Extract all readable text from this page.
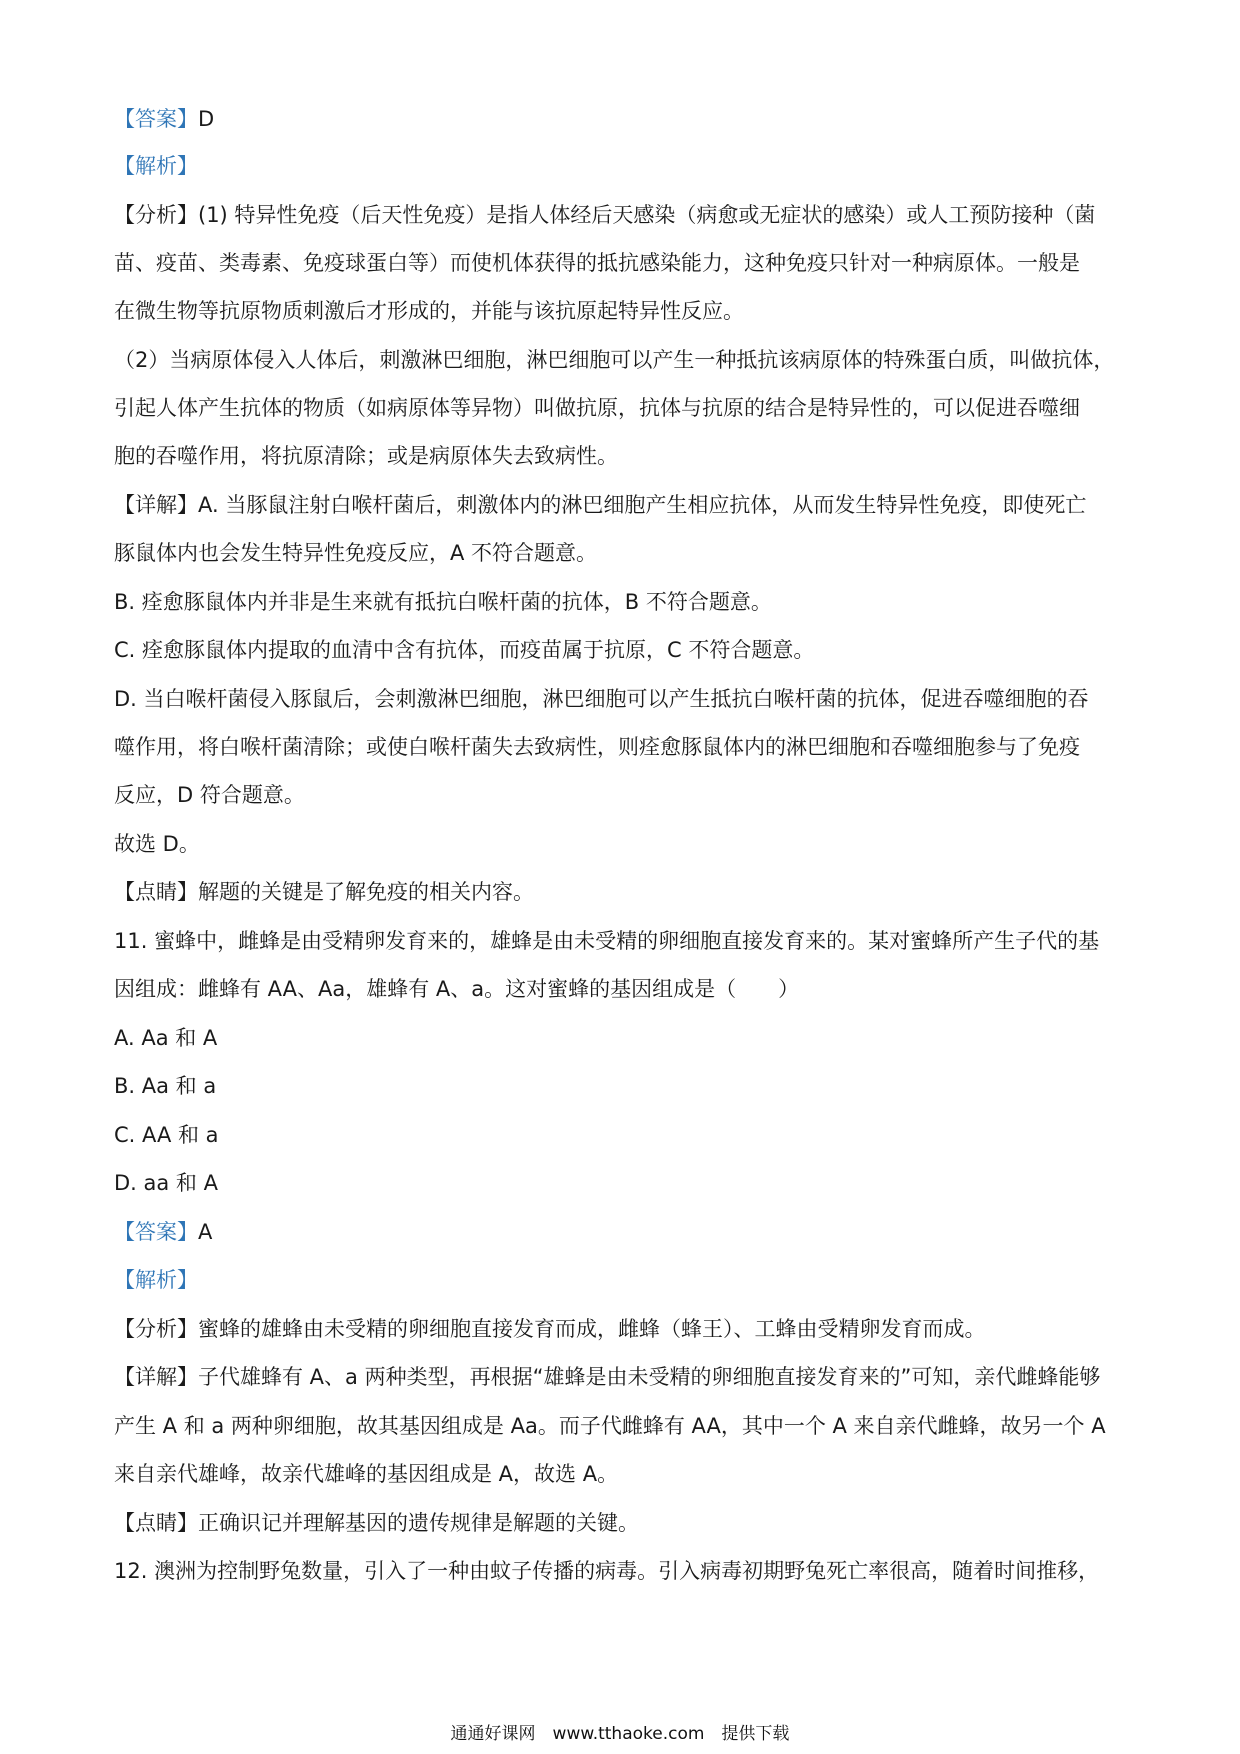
【答案】D
【解析】
【分析】(1) 特异性免疫（后天性免疫）是指人体经后天感染（病愈或无症状的感染）或人工预防接种（菌
苗、疫苗、类毒素、免疫球蛋白等）而使机体获得的抵抗感染能力，这种免疫只针对一种病原体。一般是
在微生物等抗原物质刺激后才形成的，并能与该抗原起特异性反应。
（2）当病原体侵入人体后，刺激淋巴细胞，淋巴细胞可以产生一种抵抗该病原体的特殊蛋白质，叫做抗体，
引起人体产生抗体的物质（如病原体等异物）叫做抗原，抗体与抗原的结合是特异性的，可以促进吞噬细
胞的吞噬作用，将抗原清除；或是病原体失去致病性。
【详解】A. 当豚鼠注射白喉杆菌后，刺激体内的淋巴细胞产生相应抗体，从而发生特异性免疫，即使死亡
豚鼠体内也会发生特异性免疫反应，A 不符合题意。
B. 痊愈豚鼠体内并非是生来就有抵抗白喉杆菌的抗体，B 不符合题意。
C. 痊愈豚鼠体内提取的血清中含有抗体，而疫苗属于抗原，C 不符合题意。
D. 当白喉杆菌侵入豚鼠后，会刺激淋巴细胞，淋巴细胞可以产生抵抗白喉杆菌的抗体，促进吞噬细胞的吞
噬作用，将白喉杆菌清除；或使白喉杆菌失去致病性，则痊愈豚鼠体内的淋巴细胞和吞噬细胞参与了免疫
反应，D 符合题意。
故选 D。
【点睛】解题的关键是了解免疫的相关内容。
11. 蜜蜂中，雌蜂是由受精卵发育来的，雄蜂是由未受精的卵细胞直接发育来的。某对蜜蜂所产生子代的基
因组成：雌蜂有 AA、Aa，雄蜂有 A、a。这对蜜蜂的基因组成是（　　）
A. Aa 和 A
B. Aa 和 a
C. AA 和 a
D. aa 和 A
【答案】A
【解析】
【分析】蜜蜂的雄蜂由未受精的卵细胞直接发育而成，雌蜂（蜂王）、工蜂由受精卵发育而成。
【详解】子代雄蜂有 A、a 两种类型，再根据“雄蜂是由未受精的卵细胞直接发育来的”可知，亲代雌蜂能够
产生 A 和 a 两种卵细胞，故其基因组成是 Aa。而子代雌蜂有 AA，其中一个 A 来自亲代雌蜂，故另一个 A
来自亲代雄峰，故亲代雄峰的基因组成是 A，故选 A。
【点睛】正确识记并理解基因的遗传规律是解题的关键。
12. 澳洲为控制野兔数量，引入了一种由蚊子传播的病毒。引入病毒初期野兔死亡率很高，随着时间推移，
通通好课网　www.tthaoke.com　提供下载
